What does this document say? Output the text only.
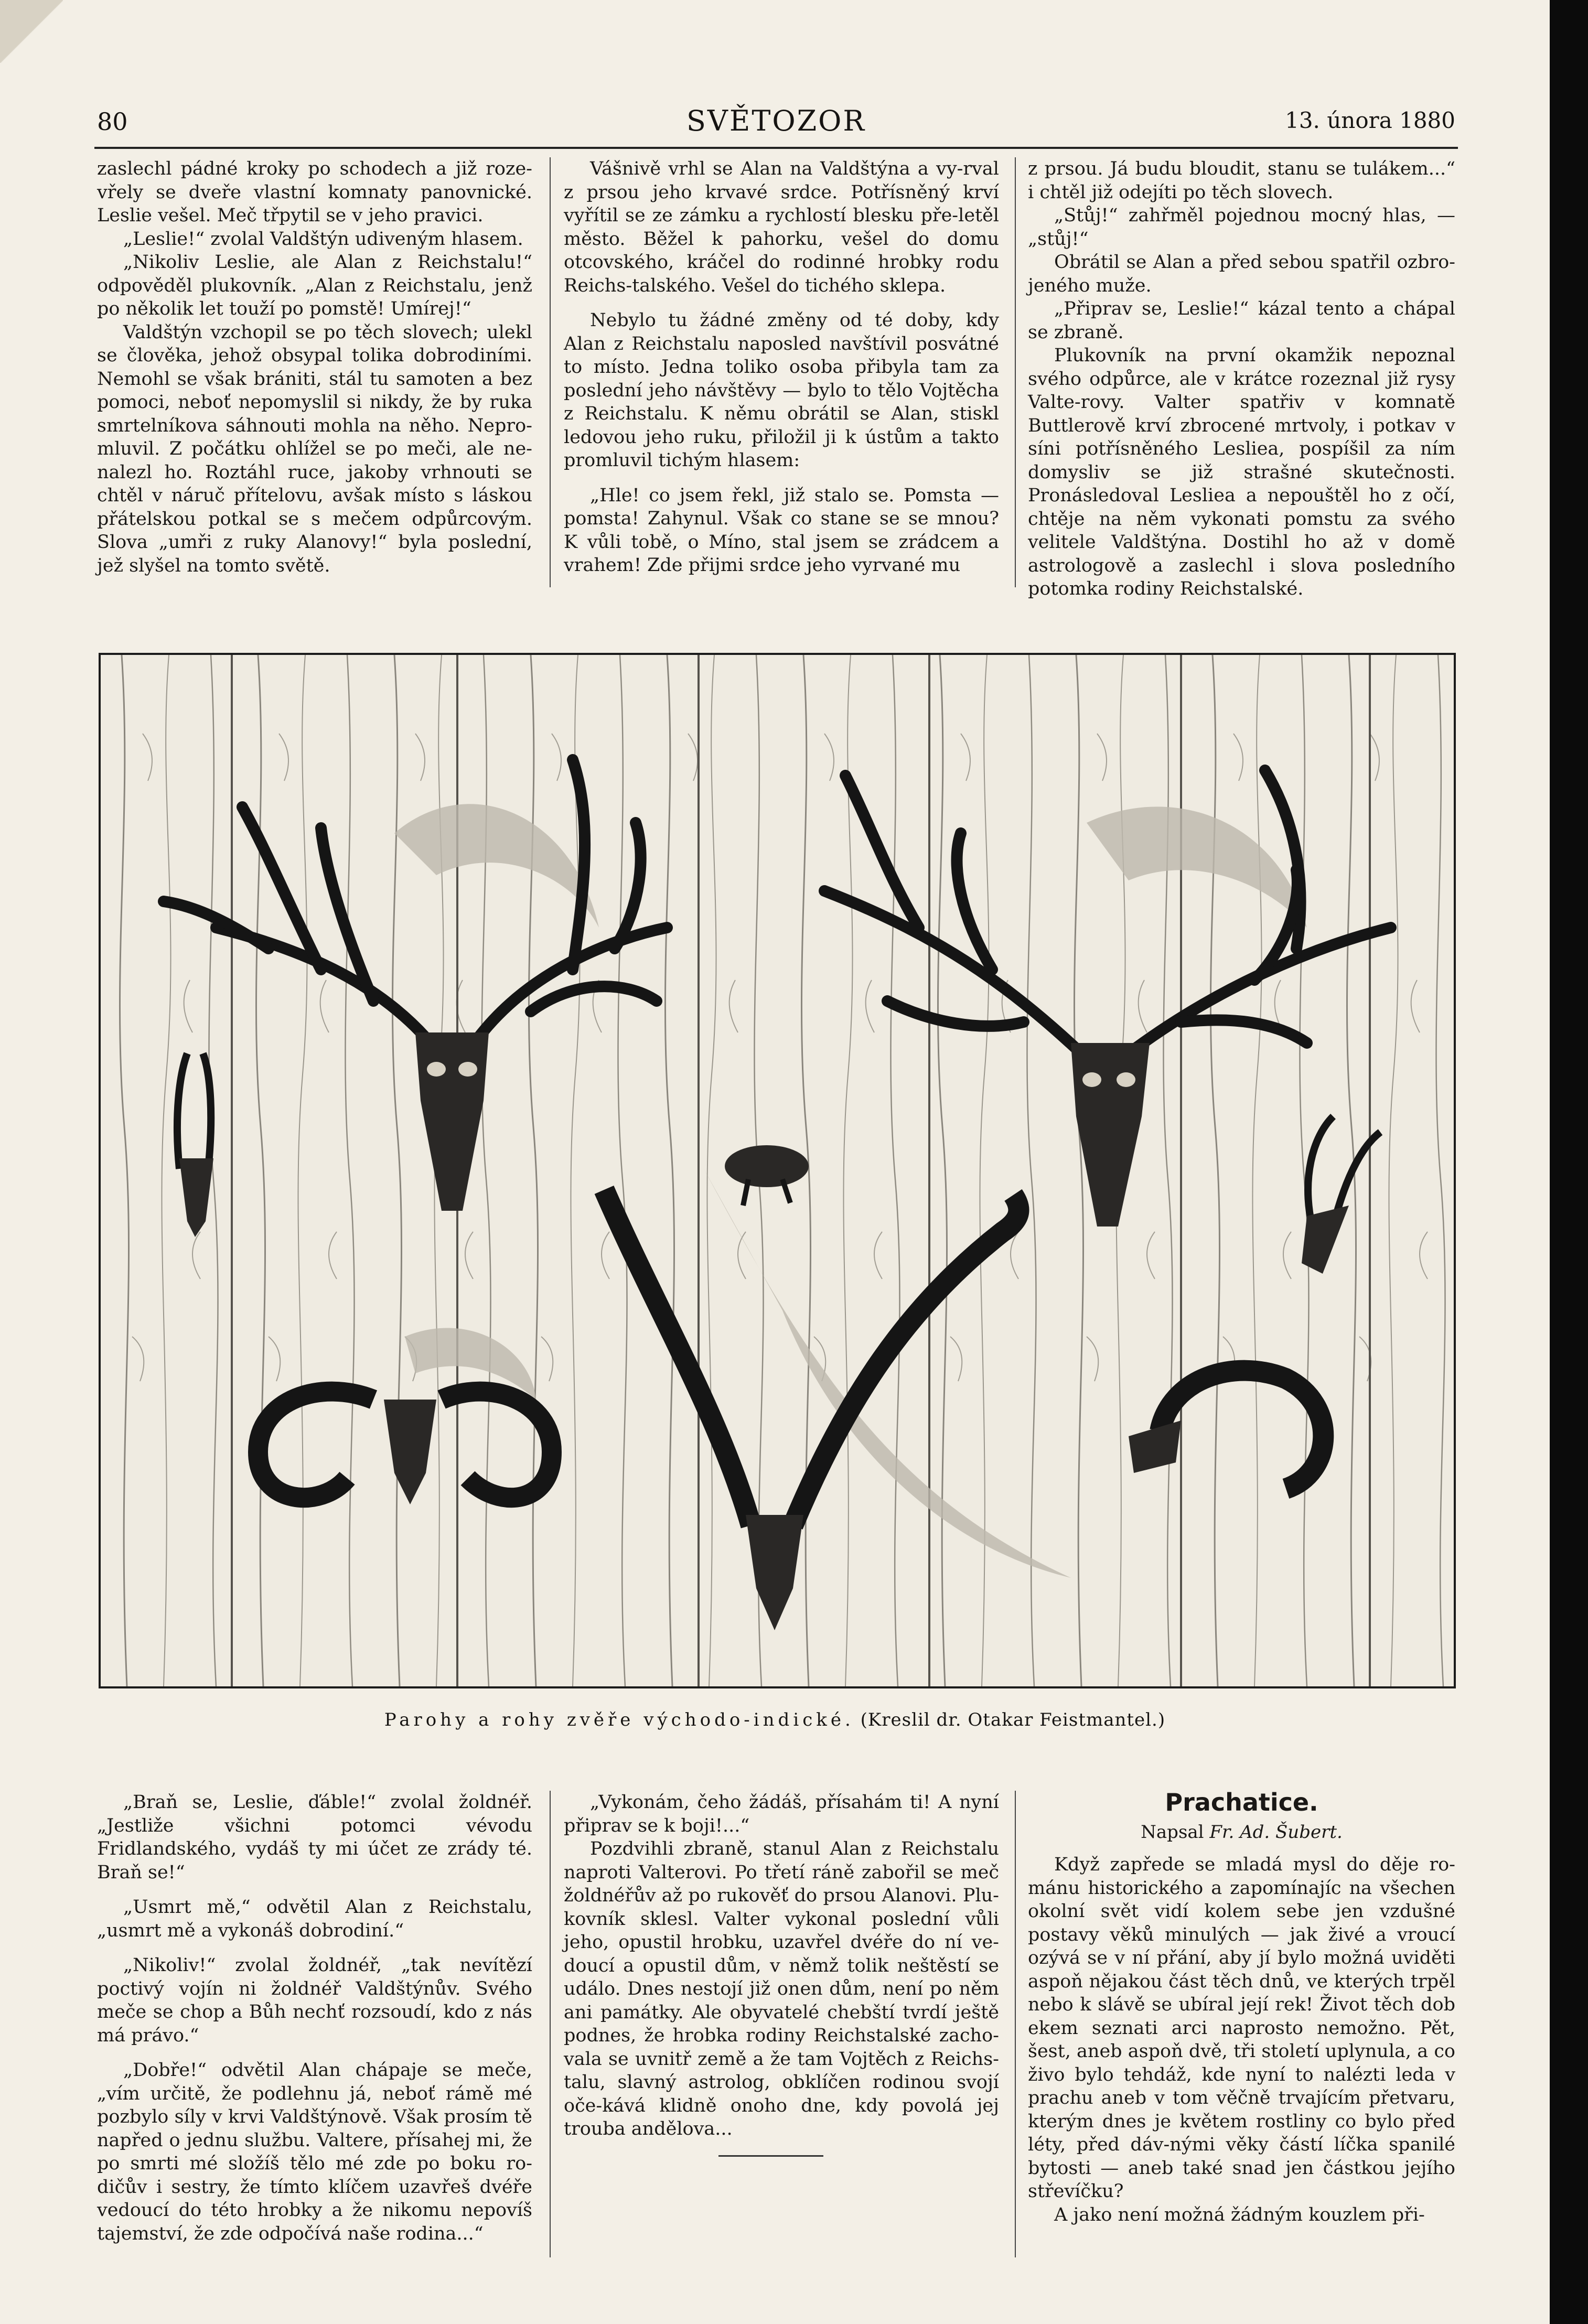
80	SVĚTOZOR	13. února 1880

zaslechl pádné kroky po schodech a již roze-vřely se dveře vlastní komnaty panovnické. Leslie vešel. Meč třpytil se v jeho pravici.

„Leslie!“ zvolal Valdštýn udiveným hlasem.

„Nikoliv Leslie, ale Alan z Reichstalu!“ odpověděl plukovník. „Alan z Reichstalu, jenž po několik let touží po pomstě! Umírej!“

Valdštýn vzchopil se po těch slovech; ulekl se člověka, jehož obsypal tolika dobrodiními. Nemohl se však brániti, stál tu samoten a bez pomoci, neboť nepomyslil si nikdy, že by ruka smrtelníkova sáhnouti mohla na něho. Nepro-mluvil. Z počátku ohlížel se po meči, ale ne-nalezl ho. Roztáhl ruce, jakoby vrhnouti se chtěl v náruč přítelovu, avšak místo s láskou přátelskou potkal se s mečem odpůrcovým. Slova „umři z ruky Alanovy!“ byla poslední, jež slyšel na tomto světě.

Vášnivě vrhl se Alan na Valdštýna a vy-rval z prsou jeho krvavé srdce. Potřísněný krví vyřítil se ze zámku a rychlostí blesku pře-letěl město. Běžel k pahorku, vešel do domu otcovského, kráčel do rodinné hrobky rodu Reichs-talského. Vešel do tichého sklepa.

Nebylo tu žádné změny od té doby, kdy Alan z Reichstalu naposled navštívil posvátné to místo. Jedna toliko osoba přibyla tam za poslední jeho návštěvy — bylo to tělo Vojtěcha z Reichstalu. K němu obrátil se Alan, stiskl ledovou jeho ruku, přiložil ji k ústům a takto promluvil tichým hlasem:

„Hle! co jsem řekl, již stalo se. Pomsta — pomsta! Zahynul. Však co stane se se mnou? K vůli tobě, o Míno, stal jsem se zrádcem a vrahem! Zde přijmi srdce jeho vyrvané mu

z prsou. Já budu bloudit, stanu se tulákem...“ i chtěl již odejíti po těch slovech.

„Stůj!“ zahřměl pojednou mocný hlas, — „stůj!“

Obrátil se Alan a před sebou spatřil ozbro-jeného muže.

„Připrav se, Leslie!“ kázal tento a chápal se zbraně.

Plukovník na první okamžik nepoznal svého odpůrce, ale v krátce rozeznal již rysy Valte-rovy. Valter spatřiv v komnatě Buttlerově krví zbrocené mrtvoly, i potkav v síni potřísněného Leslieа, pospíšil za ním domysliv se již strašné skutečnosti. Pronásledoval Lesliea a nepouštěl ho z očí, chtěje na něm vykonati pomstu za svého velitele Valdštýna. Dostihl ho až v domě astrologově a zaslechl i slova posledního potomka rodiny Reichstalské.

Parohy a rohy zvěře východo-indické. (Kreslil dr. Otakar Feistmantel.)

„Braň se, Leslie, ďáble!“ zvolal žoldnéř. „Jestliže všichni potomci vévodu Fridlandského, vydáš ty mi účet ze zrády té. Braň se!“

„Usmrt mě,“ odvětil Alan z Reichstalu, „usmrt mě a vykonáš dobrodiní.“

„Nikoliv!“ zvolal žoldnéř, „tak nevítězí poctivý vojín ni žoldnéř Valdštýnův. Svého meče se chop a Bůh nechť rozsoudí, kdo z nás má právo.“

„Dobře!“ odvětil Alan chápaje se meče, „vím určitě, že podlehnu já, neboť rámě mé pozbylo síly v krvi Valdštýnově. Však prosím tě napřed o jednu službu. Valtere, přísahej mi, že po smrti mé složíš tělo mé zde po boku ro-dičův i sestry, že tímto klíčem uzavřeš dvéře vedoucí do této hrobky a že nikomu nepovíš tajemství, že zde odpočívá naše rodina...“

„Vykonám, čeho žádáš, přísahám ti! A nyní připrav se k boji!...“

Pozdvihli zbraně, stanul Alan z Reichstalu naproti Valterovi. Po třetí ráně zabořil se meč žoldnéřův až po rukověť do prsou Alanovi. Plu-kovník sklesl. Valter vykonal poslední vůli jeho, opustil hrobku, uzavřel dvéře do ní ve-doucí a opustil dům, v němž tolik neštěstí se událo. Dnes nestojí již onen dům, není po něm ani památky. Ale obyvatelé chebští tvrdí ještě podnes, že hrobka rodiny Reichstalské zacho-vala se uvnitř země a že tam Vojtěch z Reichs-talu, slavný astrolog, obklíčen rodinou svojí oče-kává klidně onoho dne, kdy povolá jej trouba andělova...

Prachatice.
Napsal Fr. Ad. Šubert.

Když zapřede se mladá mysl do děje ro-mánu historického a zapomínajíc na všechen okolní svět vidí kolem sebe jen vzdušné postavy věků minulých — jak živé a vroucí ozývá se v ní přání, aby jí bylo možná uviděti aspoň nějakou část těch dnů, ve kterých trpěl nebo k slávě se ubíral její rek! Život těch dob ekem seznati arci naprosto nemožno. Pět, šest, aneb aspoň dvě, tři století uplynula, a co živo bylo tehdáž, kde nyní to nalézti leda v prachu aneb v tom věčně trvajícím přetvaru, kterým dnes je květem rostliny co bylo před léty, před dáv-nými věky částí líčka spanilé bytosti — aneb také snad jen částkou jejího střevíčku?

A jako není možná žádným kouzlem při-
